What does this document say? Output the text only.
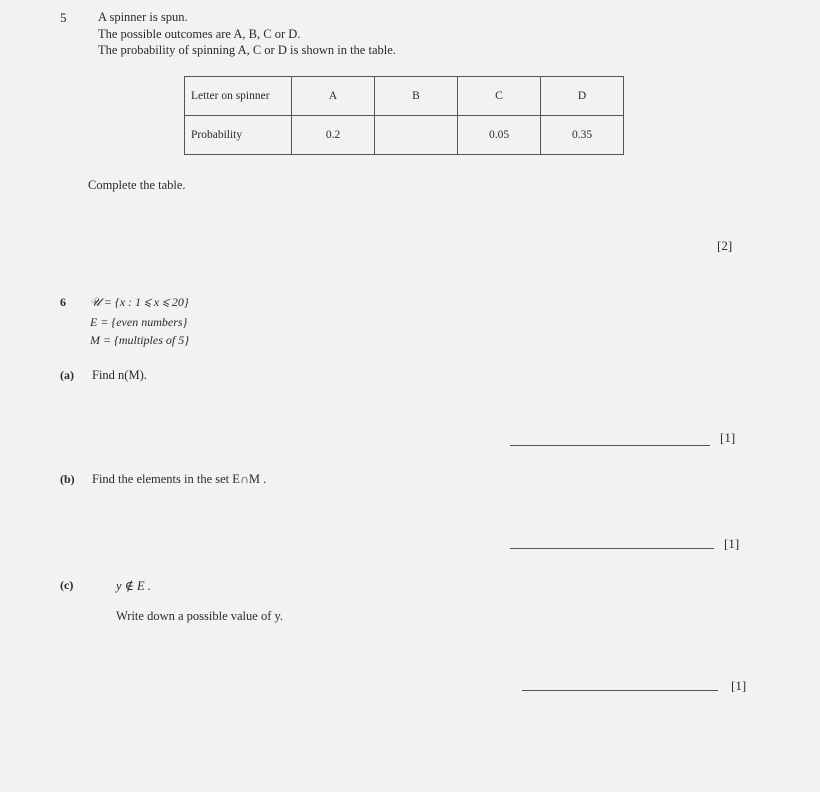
5	A spinner is spun.
The possible outcomes are A, B, C or D.
The probability of spinning A, C or D is shown in the table.
Letter on spinner	A	B	C	D
Probability	0.2		0.05	0.35
Complete the table.
[2]
6 𝒰 = {x : 1 ⩽ x ⩽ 20}
E = {even numbers}
M = {multiples of 5}
(a) Find n(M).
[1]
(b) Find the elements in the set E∩M .
[1]
(c)	y ∉ E .
Write down a possible value of y.
[1]
